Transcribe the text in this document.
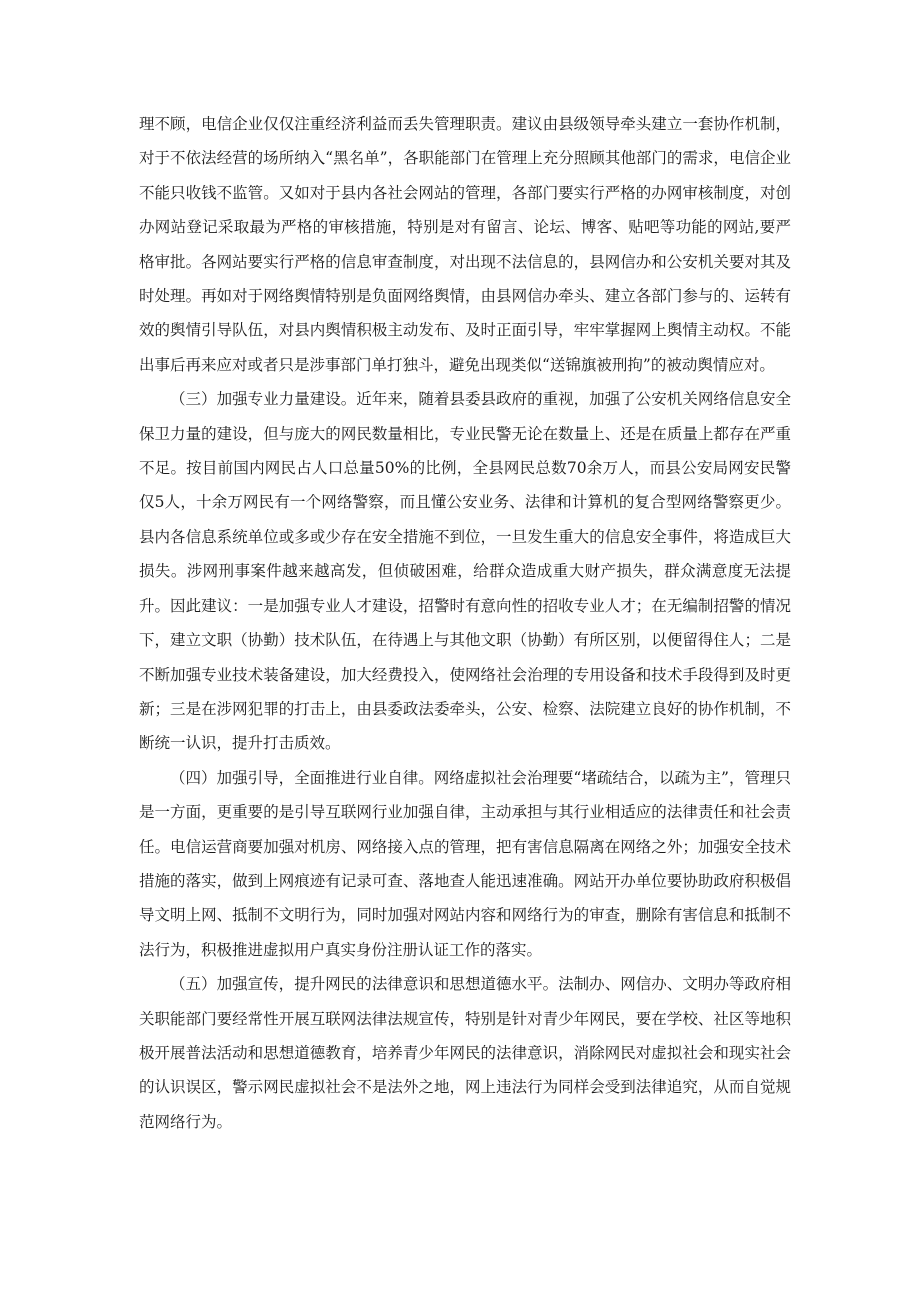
理不顾，电信企业仅仅注重经济利益而丢失管理职责。建议由县级领导牵头建立一套协作机制，对于不依法经营的场所纳入“黑名单”，各职能部门在管理上充分照顾其他部门的需求，电信企业不能只收钱不监管。又如对于县内各社会网站的管理，各部门要实行严格的办网审核制度，对创办网站登记采取最为严格的审核措施，特别是对有留言、论坛、博客、贴吧等功能的网站,要严格审批。各网站要实行严格的信息审查制度，对出现不法信息的，县网信办和公安机关要对其及时处理。再如对于网络舆情特别是负面网络舆情，由县网信办牵头、建立各部门参与的、运转有效的舆情引导队伍，对县内舆情积极主动发布、及时正面引导，牢牢掌握网上舆情主动权。不能出事后再来应对或者只是涉事部门单打独斗，避免出现类似“送锦旗被刑拘”的被动舆情应对。

（三）加强专业力量建设。近年来，随着县委县政府的重视，加强了公安机关网络信息安全保卫力量的建设，但与庞大的网民数量相比，专业民警无论在数量上、还是在质量上都存在严重不足。按目前国内网民占人口总量50%的比例，全县网民总数70余万人，而县公安局网安民警仅5人，十余万网民有一个网络警察，而且懂公安业务、法律和计算机的复合型网络警察更少。县内各信息系统单位或多或少存在安全措施不到位，一旦发生重大的信息安全事件，将造成巨大损失。涉网刑事案件越来越高发，但侦破困难，给群众造成重大财产损失，群众满意度无法提升。因此建议：一是加强专业人才建设，招警时有意向性的招收专业人才；在无编制招警的情况下，建立文职（协勤）技术队伍，在待遇上与其他文职（协勤）有所区别，以便留得住人；二是不断加强专业技术装备建设，加大经费投入，使网络社会治理的专用设备和技术手段得到及时更新；三是在涉网犯罪的打击上，由县委政法委牵头，公安、检察、法院建立良好的协作机制，不断统一认识，提升打击质效。

（四）加强引导，全面推进行业自律。网络虚拟社会治理要“堵疏结合，以疏为主”，管理只是一方面，更重要的是引导互联网行业加强自律，主动承担与其行业相适应的法律责任和社会责任。电信运营商要加强对机房、网络接入点的管理，把有害信息隔离在网络之外；加强安全技术措施的落实，做到上网痕迹有记录可查、落地查人能迅速准确。网站开办单位要协助政府积极倡导文明上网、抵制不文明行为，同时加强对网站内容和网络行为的审查，删除有害信息和抵制不法行为，积极推进虚拟用户真实身份注册认证工作的落实。

（五）加强宣传，提升网民的法律意识和思想道德水平。法制办、网信办、文明办等政府相关职能部门要经常性开展互联网法律法规宣传，特别是针对青少年网民，要在学校、社区等地积极开展普法活动和思想道德教育，培养青少年网民的法律意识，消除网民对虚拟社会和现实社会的认识误区，警示网民虚拟社会不是法外之地，网上违法行为同样会受到法律追究，从而自觉规范网络行为。
